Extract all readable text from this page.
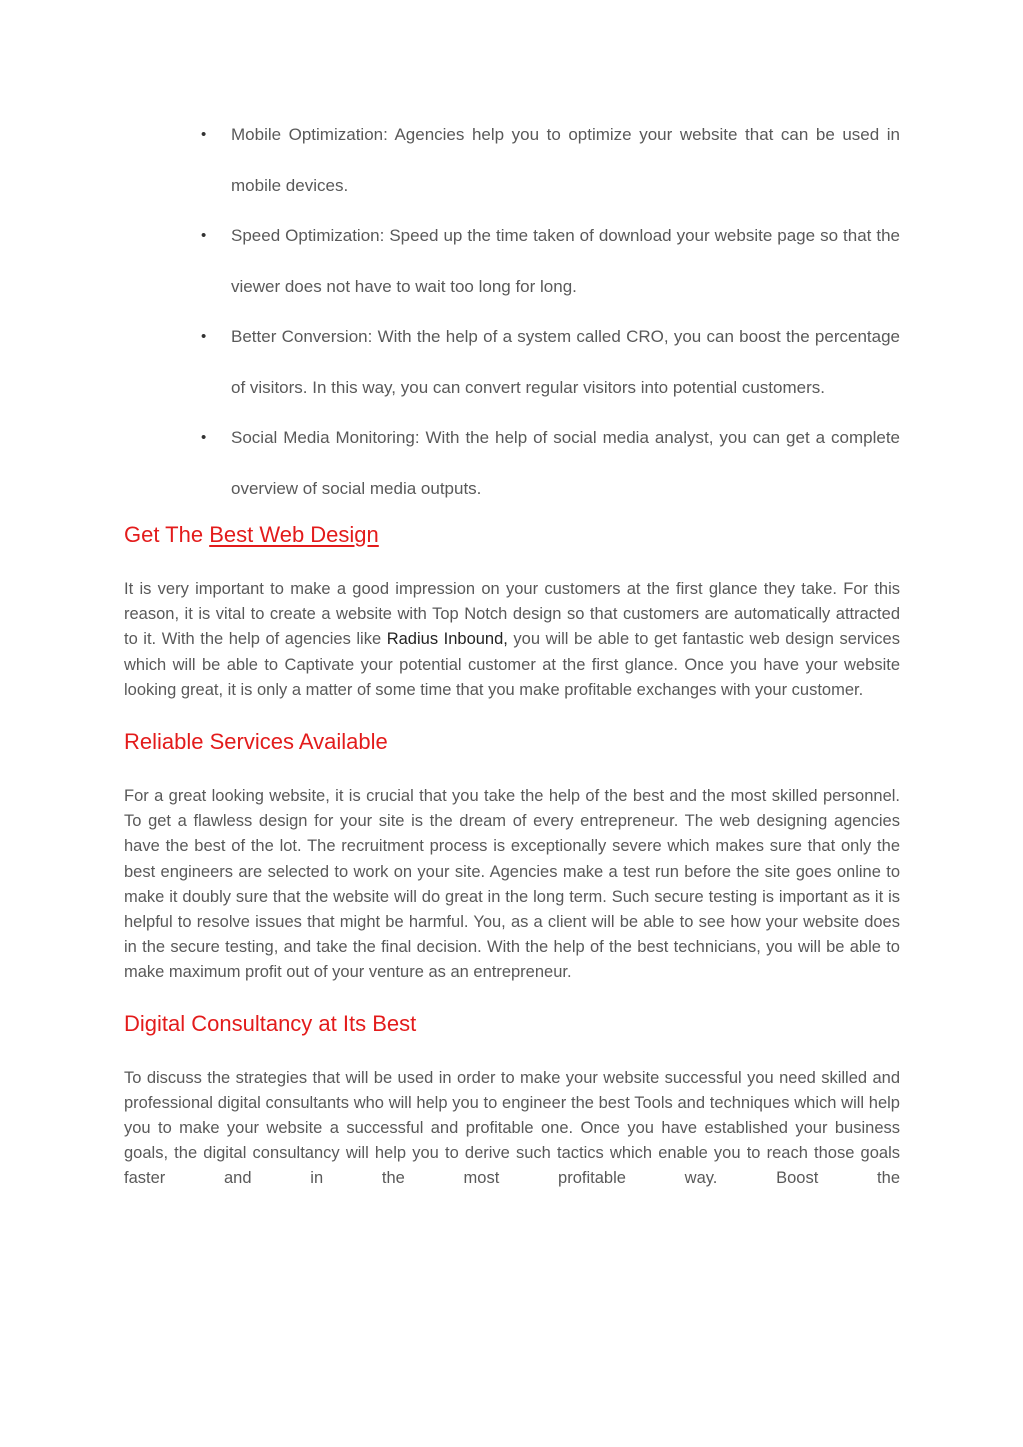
• Mobile Optimization: Agencies help you to optimize your website that can be used in mobile devices.
• Speed Optimization: Speed up the time taken of download your website page so that the viewer does not have to wait too long for long.
• Better Conversion: With the help of a system called CRO, you can boost the percentage of visitors. In this way, you can convert regular visitors into potential customers.
• Social Media Monitoring: With the help of social media analyst, you can get a complete overview of social media outputs.
Get The Best Web Design

It is very important to make a good impression on your customers at the first glance they take. For this reason, it is vital to create a website with Top Notch design so that customers are automatically attracted to it. With the help of agencies like Radius Inbound, you will be able to get fantastic web design services which will be able to Captivate your potential customer at the first glance. Once you have your website looking great, it is only a matter of some time that you make profitable exchanges with your customer.

Reliable Services Available

For a great looking website, it is crucial that you take the help of the best and the most skilled personnel. To get a flawless design for your site is the dream of every entrepreneur. The web designing agencies have the best of the lot. The recruitment process is exceptionally severe which makes sure that only the best engineers are selected to work on your site. Agencies make a test run before the site goes online to make it doubly sure that the website will do great in the long term. Such secure testing is important as it is helpful to resolve issues that might be harmful. You, as a client will be able to see how your website does in the secure testing, and take the final decision. With the help of the best technicians, you will be able to make maximum profit out of your venture as an entrepreneur.

Digital Consultancy at Its Best

To discuss the strategies that will be used in order to make your website successful you need skilled and professional digital consultants who will help you to engineer the best Tools and techniques which will help you to make your website a successful and profitable one. Once you have established your business goals, the digital consultancy will help you to derive such tactics which enable you to reach those goals faster and in the most profitable way. Boost the
